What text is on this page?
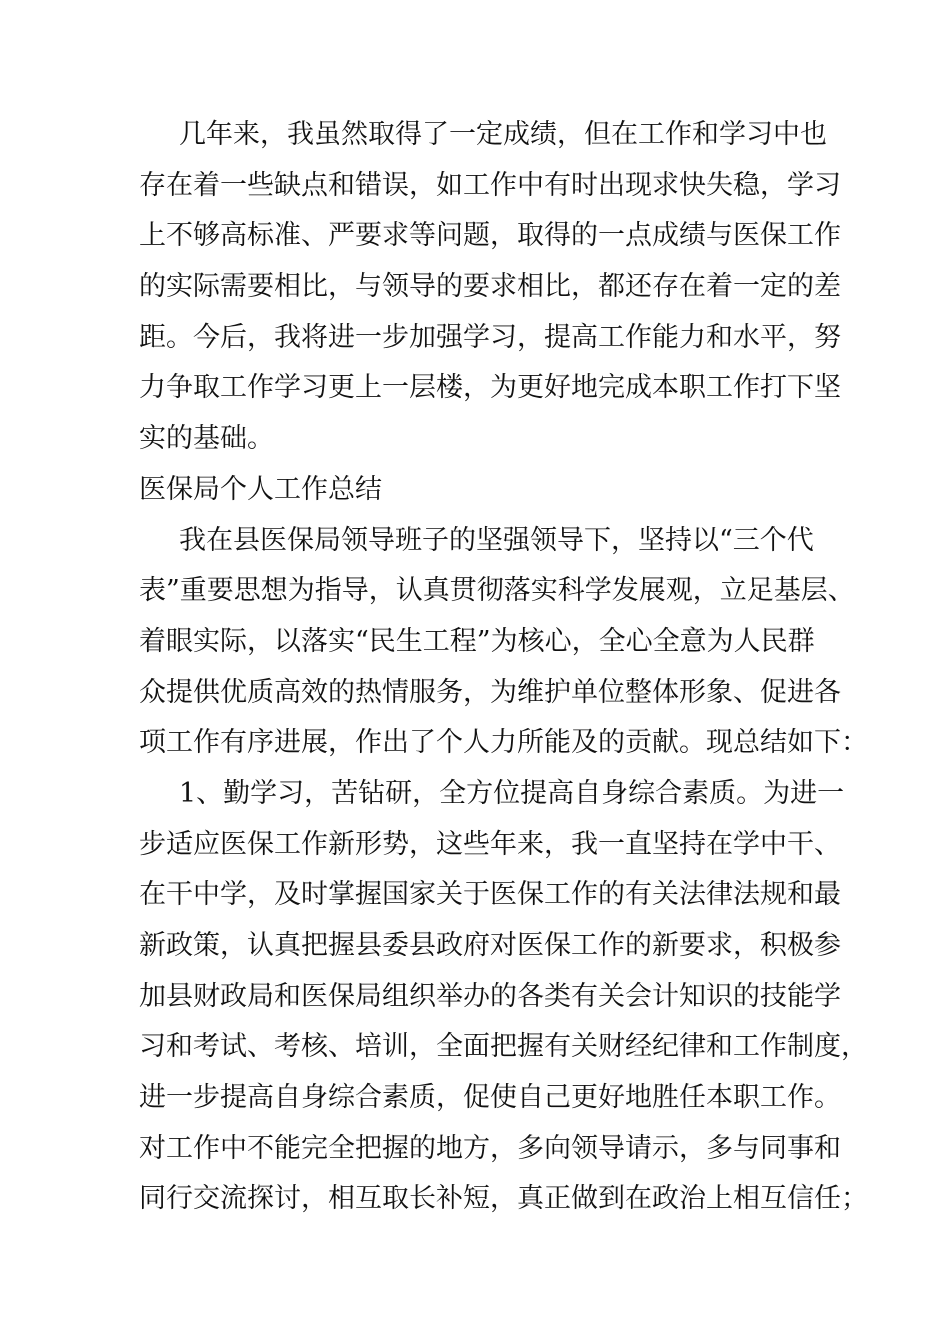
几年来，我虽然取得了一定成绩，但在工作和学习中也
存在着一些缺点和错误，如工作中有时出现求快失稳，学习
上不够高标准、严要求等问题，取得的一点成绩与医保工作
的实际需要相比，与领导的要求相比，都还存在着一定的差
距。今后，我将进一步加强学习，提高工作能力和水平，努
力争取工作学习更上一层楼，为更好地完成本职工作打下坚
实的基础。
医保局个人工作总结
我在县医保局领导班子的坚强领导下，坚持以“三个代
表”重要思想为指导，认真贯彻落实科学发展观，立足基层、
着眼实际，以落实“民生工程”为核心，全心全意为人民群
众提供优质高效的热情服务，为维护单位整体形象、促进各
项工作有序进展，作出了个人力所能及的贡献。现总结如下：
1、勤学习，苦钻研，全方位提高自身综合素质。为进一
步适应医保工作新形势，这些年来，我一直坚持在学中干、
在干中学，及时掌握国家关于医保工作的有关法律法规和最
新政策，认真把握县委县政府对医保工作的新要求，积极参
加县财政局和医保局组织举办的各类有关会计知识的技能学
习和考试、考核、培训，全面把握有关财经纪律和工作制度，
进一步提高自身综合素质，促使自己更好地胜任本职工作。
对工作中不能完全把握的地方，多向领导请示，多与同事和
同行交流探讨，相互取长补短，真正做到在政治上相互信任；
